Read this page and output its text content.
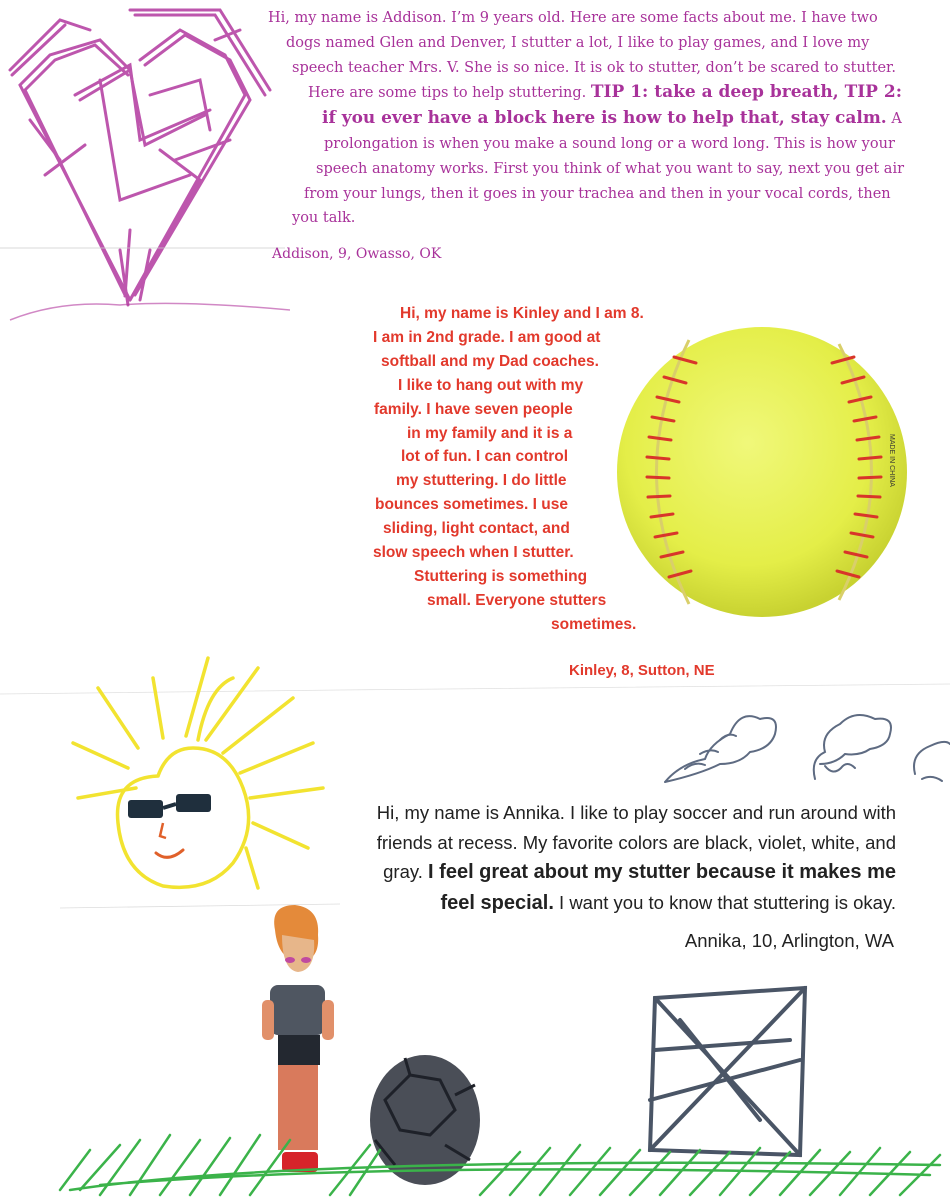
Hi, my name is Addison. I’m 9 years old. Here are some facts about me. I have two
dogs named Glen and Denver, I stutter a lot, I like to play games, and I love my
speech teacher Mrs. V. She is so nice. It is ok to stutter, don’t be scared to stutter.
Here are some tips to help stuttering. TIP 1: take a deep breath, TIP 2:
if you ever have a block here is how to help that, stay calm. A
prolongation is when you make a sound long or a word long. This is how your
speech anatomy works. First you think of what you want to say, next you get air
from your lungs, then it goes in your trachea and then in your vocal cords, then
you talk.
Addison, 9, Owasso, OK
MADE IN CHINA
Hi, my name is Kinley and I am 8.
I am in 2nd grade. I am good at
softball and my Dad coaches.
I like to hang out with my
family. I have seven people
in my family and it is a
lot of fun. I can control
my stuttering. I do little
bounces sometimes. I use
sliding, light contact, and
slow speech when I stutter.
Stuttering is something
small. Everyone stutters
sometimes.
Kinley, 8, Sutton, NE
Hi, my name is Annika. I like to play soccer and run around with
friends at recess. My favorite colors are black, violet, white, and
gray. I feel great about my stutter because it makes me
feel special. I want you to know that stuttering is okay.
Annika, 10, Arlington, WA
